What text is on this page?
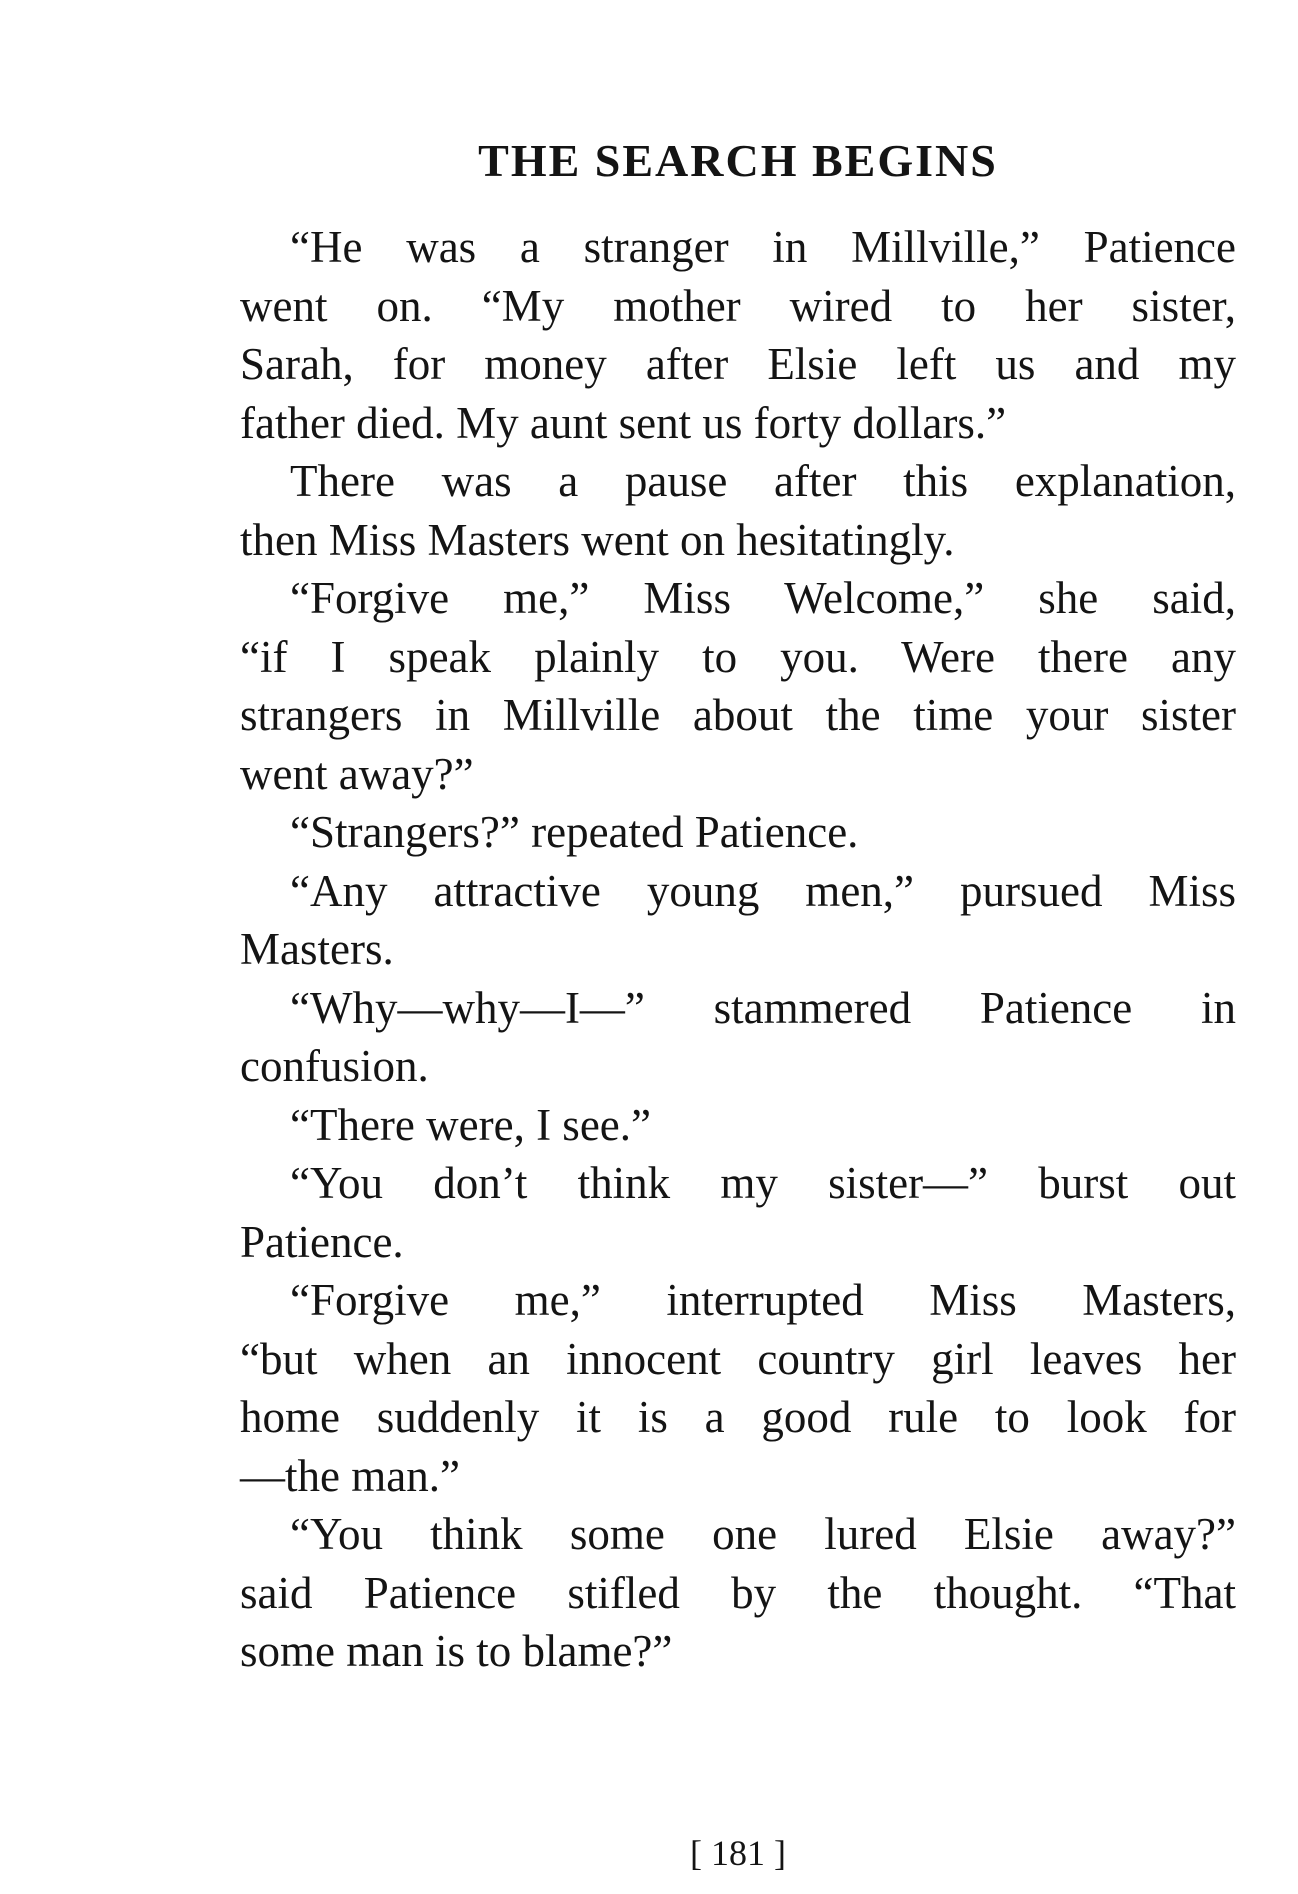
THE SEARCH BEGINS

“He was a stranger in Millville,” Patience
went on. “My mother wired to her sister,
Sarah, for money after Elsie left us and my
father died. My aunt sent us forty dollars.”

There was a pause after this explanation,
then Miss Masters went on hesitatingly.

“Forgive me,” Miss Welcome,” she said,
“if I speak plainly to you. Were there any
strangers in Millville about the time your sister
went away?”

“Strangers?” repeated Patience.

“Any attractive young men,” pursued Miss
Masters.

“Why—why—I—” stammered Patience in
confusion.

“There were, I see.”

“You don’t think my sister—” burst out
Patience.

“Forgive me,” interrupted Miss Masters,
“but when an innocent country girl leaves her
home suddenly it is a good rule to look for
—the man.”

“You think some one lured Elsie away?”
said Patience stifled by the thought. “That
some man is to blame?”

[ 181 ]
